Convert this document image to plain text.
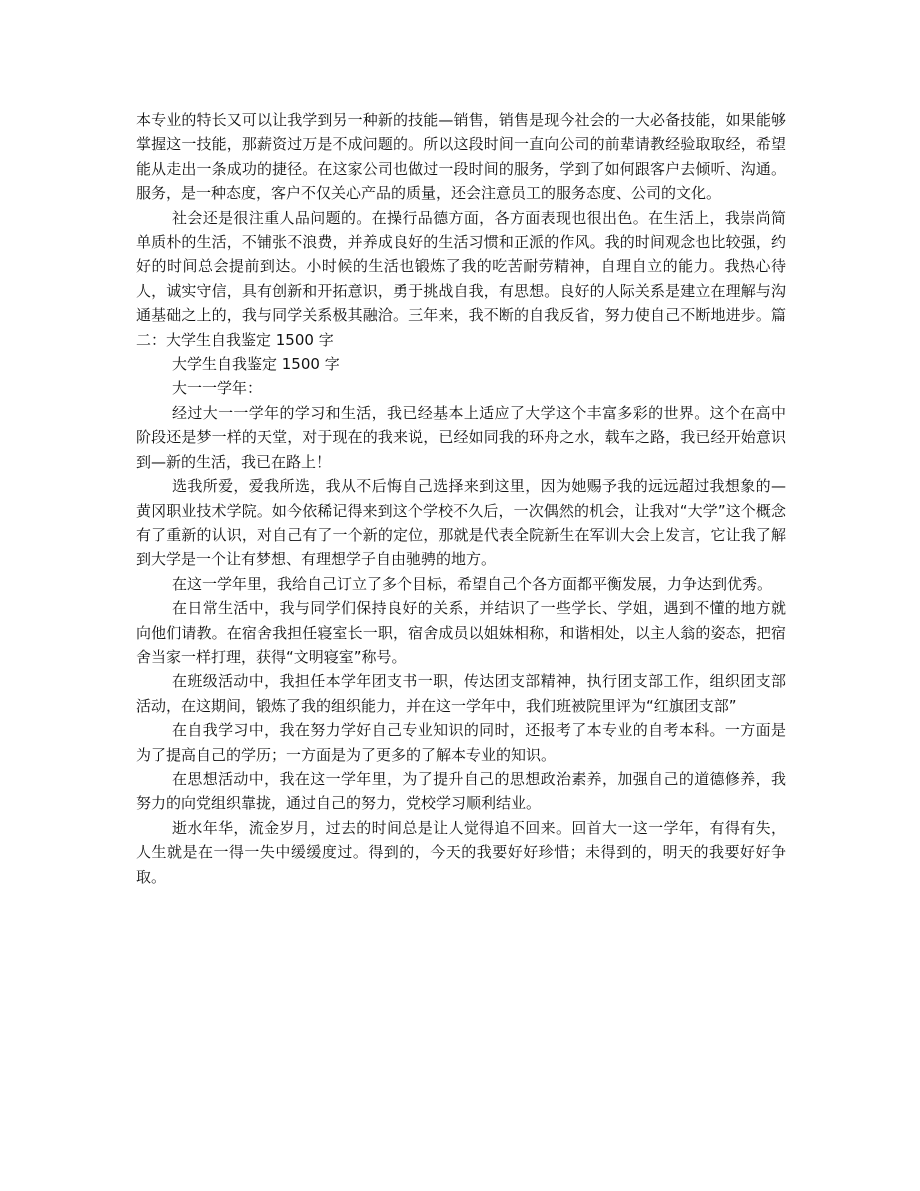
本专业的特长又可以让我学到另一种新的技能—销售，销售是现今社会的一大必备技能，如果能够掌握这一技能，那薪资过万是不成问题的。所以这段时间一直向公司的前辈请教经验取取经，希望能从走出一条成功的捷径。在这家公司也做过一段时间的服务，学到了如何跟客户去倾听、沟通。服务，是一种态度，客户不仅关心产品的质量，还会注意员工的服务态度、公司的文化。

社会还是很注重人品问题的。在操行品德方面，各方面表现也很出色。在生活上，我崇尚简单质朴的生活，不铺张不浪费，并养成良好的生活习惯和正派的作风。我的时间观念也比较强，约好的时间总会提前到达。小时候的生活也锻炼了我的吃苦耐劳精神，自理自立的能力。我热心待人，诚实守信，具有创新和开拓意识，勇于挑战自我，有思想。良好的人际关系是建立在理解与沟通基础之上的，我与同学关系极其融洽。三年来，我不断的自我反省，努力使自己不断地进步。篇二：大学生自我鉴定 1500 字

大学生自我鉴定 1500 字

大一一学年：

经过大一一学年的学习和生活，我已经基本上适应了大学这个丰富多彩的世界。这个在高中阶段还是梦一样的天堂，对于现在的我来说，已经如同我的环舟之水，载车之路，我已经开始意识到—新的生活，我已在路上！

选我所爱，爱我所选，我从不后悔自己选择来到这里，因为她赐予我的远远超过我想象的—黄冈职业技术学院。如今依稀记得来到这个学校不久后，一次偶然的机会，让我对“大学”这个概念有了重新的认识，对自己有了一个新的定位，那就是代表全院新生在军训大会上发言，它让我了解到大学是一个让有梦想、有理想学子自由驰骋的地方。

在这一学年里，我给自己订立了多个目标，希望自己个各方面都平衡发展，力争达到优秀。

在日常生活中，我与同学们保持良好的关系，并结识了一些学长、学姐，遇到不懂的地方就向他们请教。在宿舍我担任寝室长一职，宿舍成员以姐妹相称，和谐相处，以主人翁的姿态，把宿舍当家一样打理，获得“文明寝室”称号。

在班级活动中，我担任本学年团支书一职，传达团支部精神，执行团支部工作，组织团支部活动，在这期间，锻炼了我的组织能力，并在这一学年中，我们班被院里评为“红旗团支部”

在自我学习中，我在努力学好自己专业知识的同时，还报考了本专业的自考本科。一方面是为了提高自己的学历；一方面是为了更多的了解本专业的知识。

在思想活动中，我在这一学年里，为了提升自己的思想政治素养，加强自己的道德修养，我努力的向党组织靠拢，通过自己的努力，党校学习顺利结业。

逝水年华，流金岁月，过去的时间总是让人觉得追不回来。回首大一这一学年，有得有失，人生就是在一得一失中缓缓度过。得到的，今天的我要好好珍惜；未得到的，明天的我要好好争取。
